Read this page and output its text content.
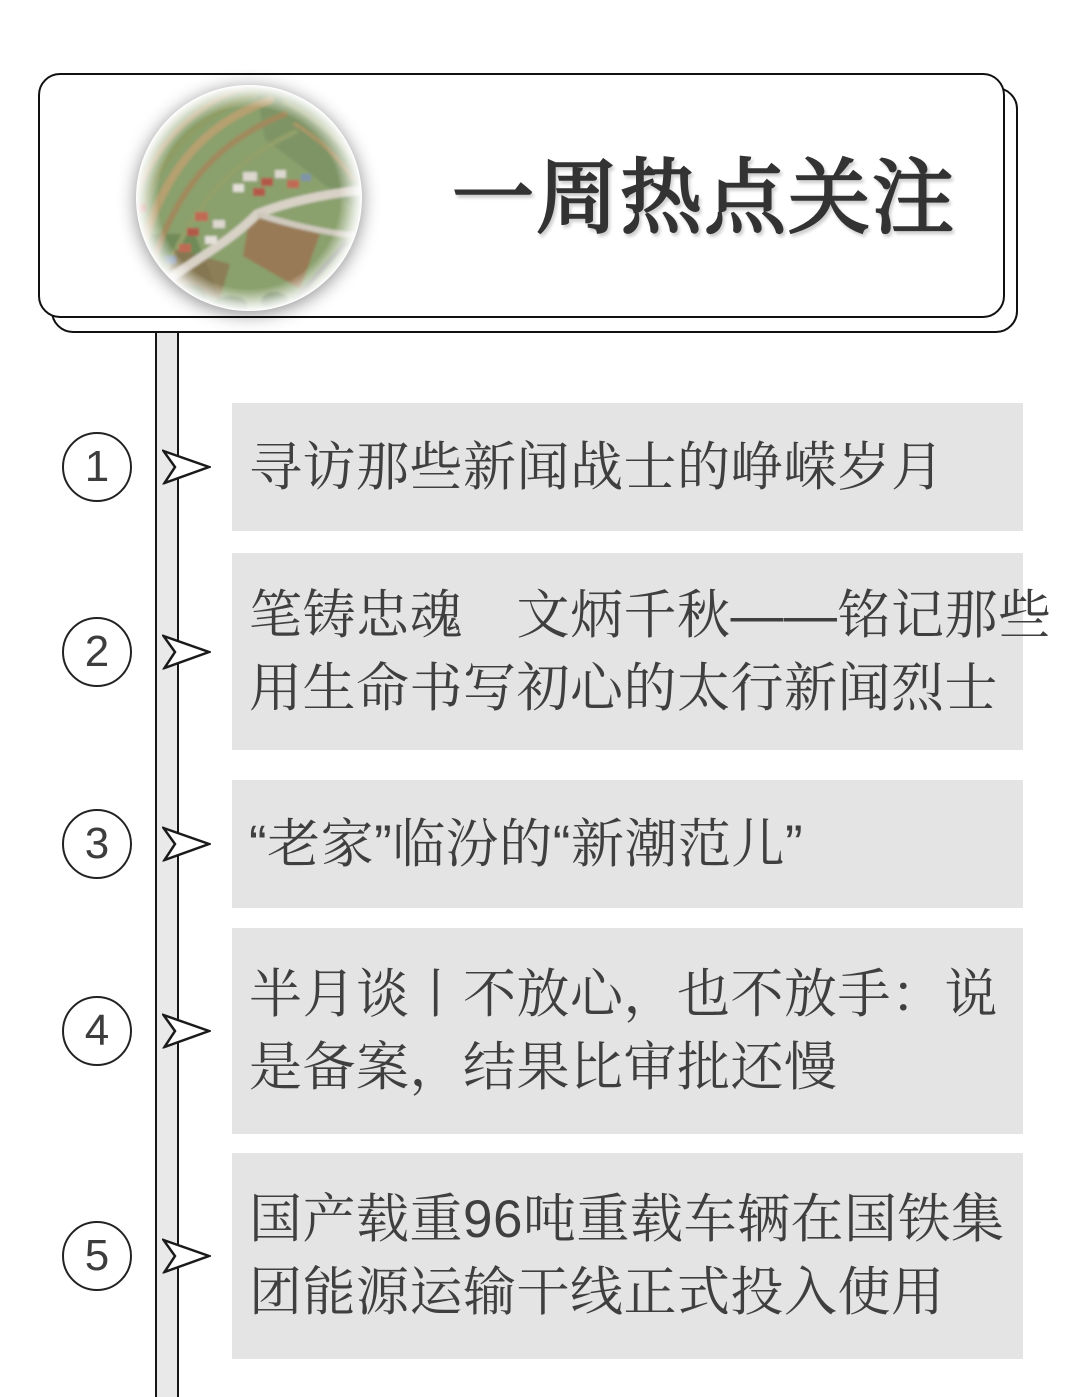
一周热点关注
1	寻访那些新闻战士的峥嵘岁月
2
笔铸忠魂　文炳千秋——铭记那些
用生命书写初心的太行新闻烈士
3	“老家”临汾的“新潮范儿”
4
半月谈丨不放心，也不放手：说
是备案，结果比审批还慢
5
国产载重96吨重载车辆在国铁集
团能源运输干线正式投入使用
